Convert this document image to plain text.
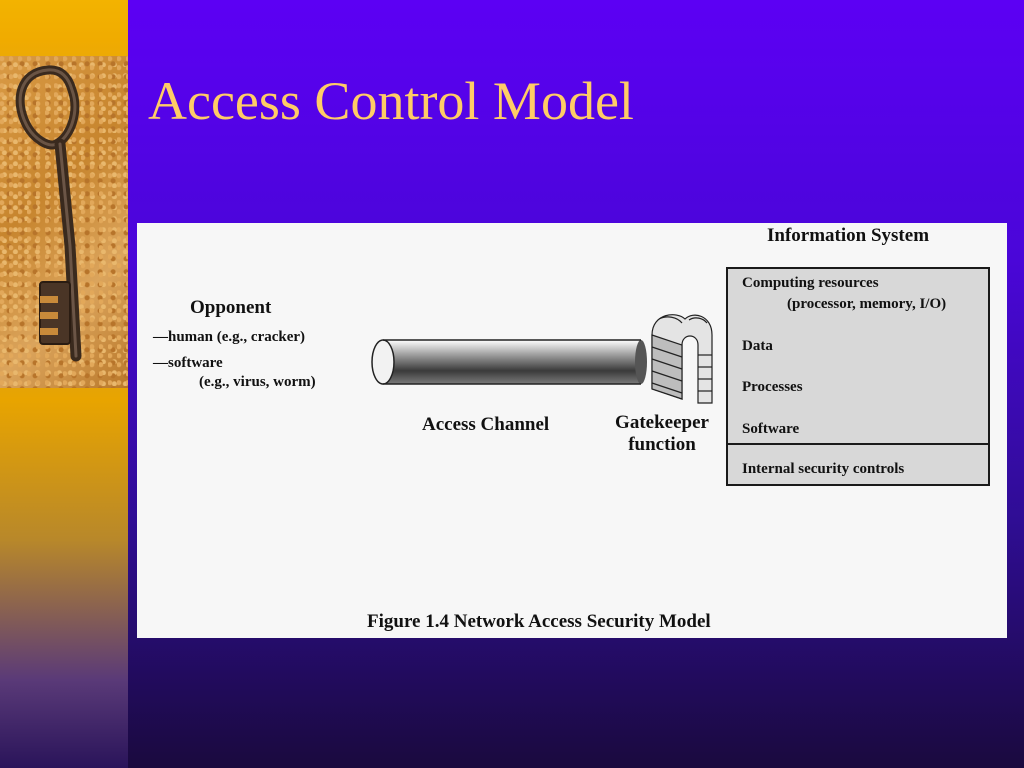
Access Control Model
Opponent
—human (e.g., cracker)
—software
(e.g., virus, worm)
Access Channel	Gatekeeper
function
Information System
Computing resources
(processor, memory, I/O)
Data
Processes
Software
Internal security controls
Figure 1.4 Network Access Security Model
